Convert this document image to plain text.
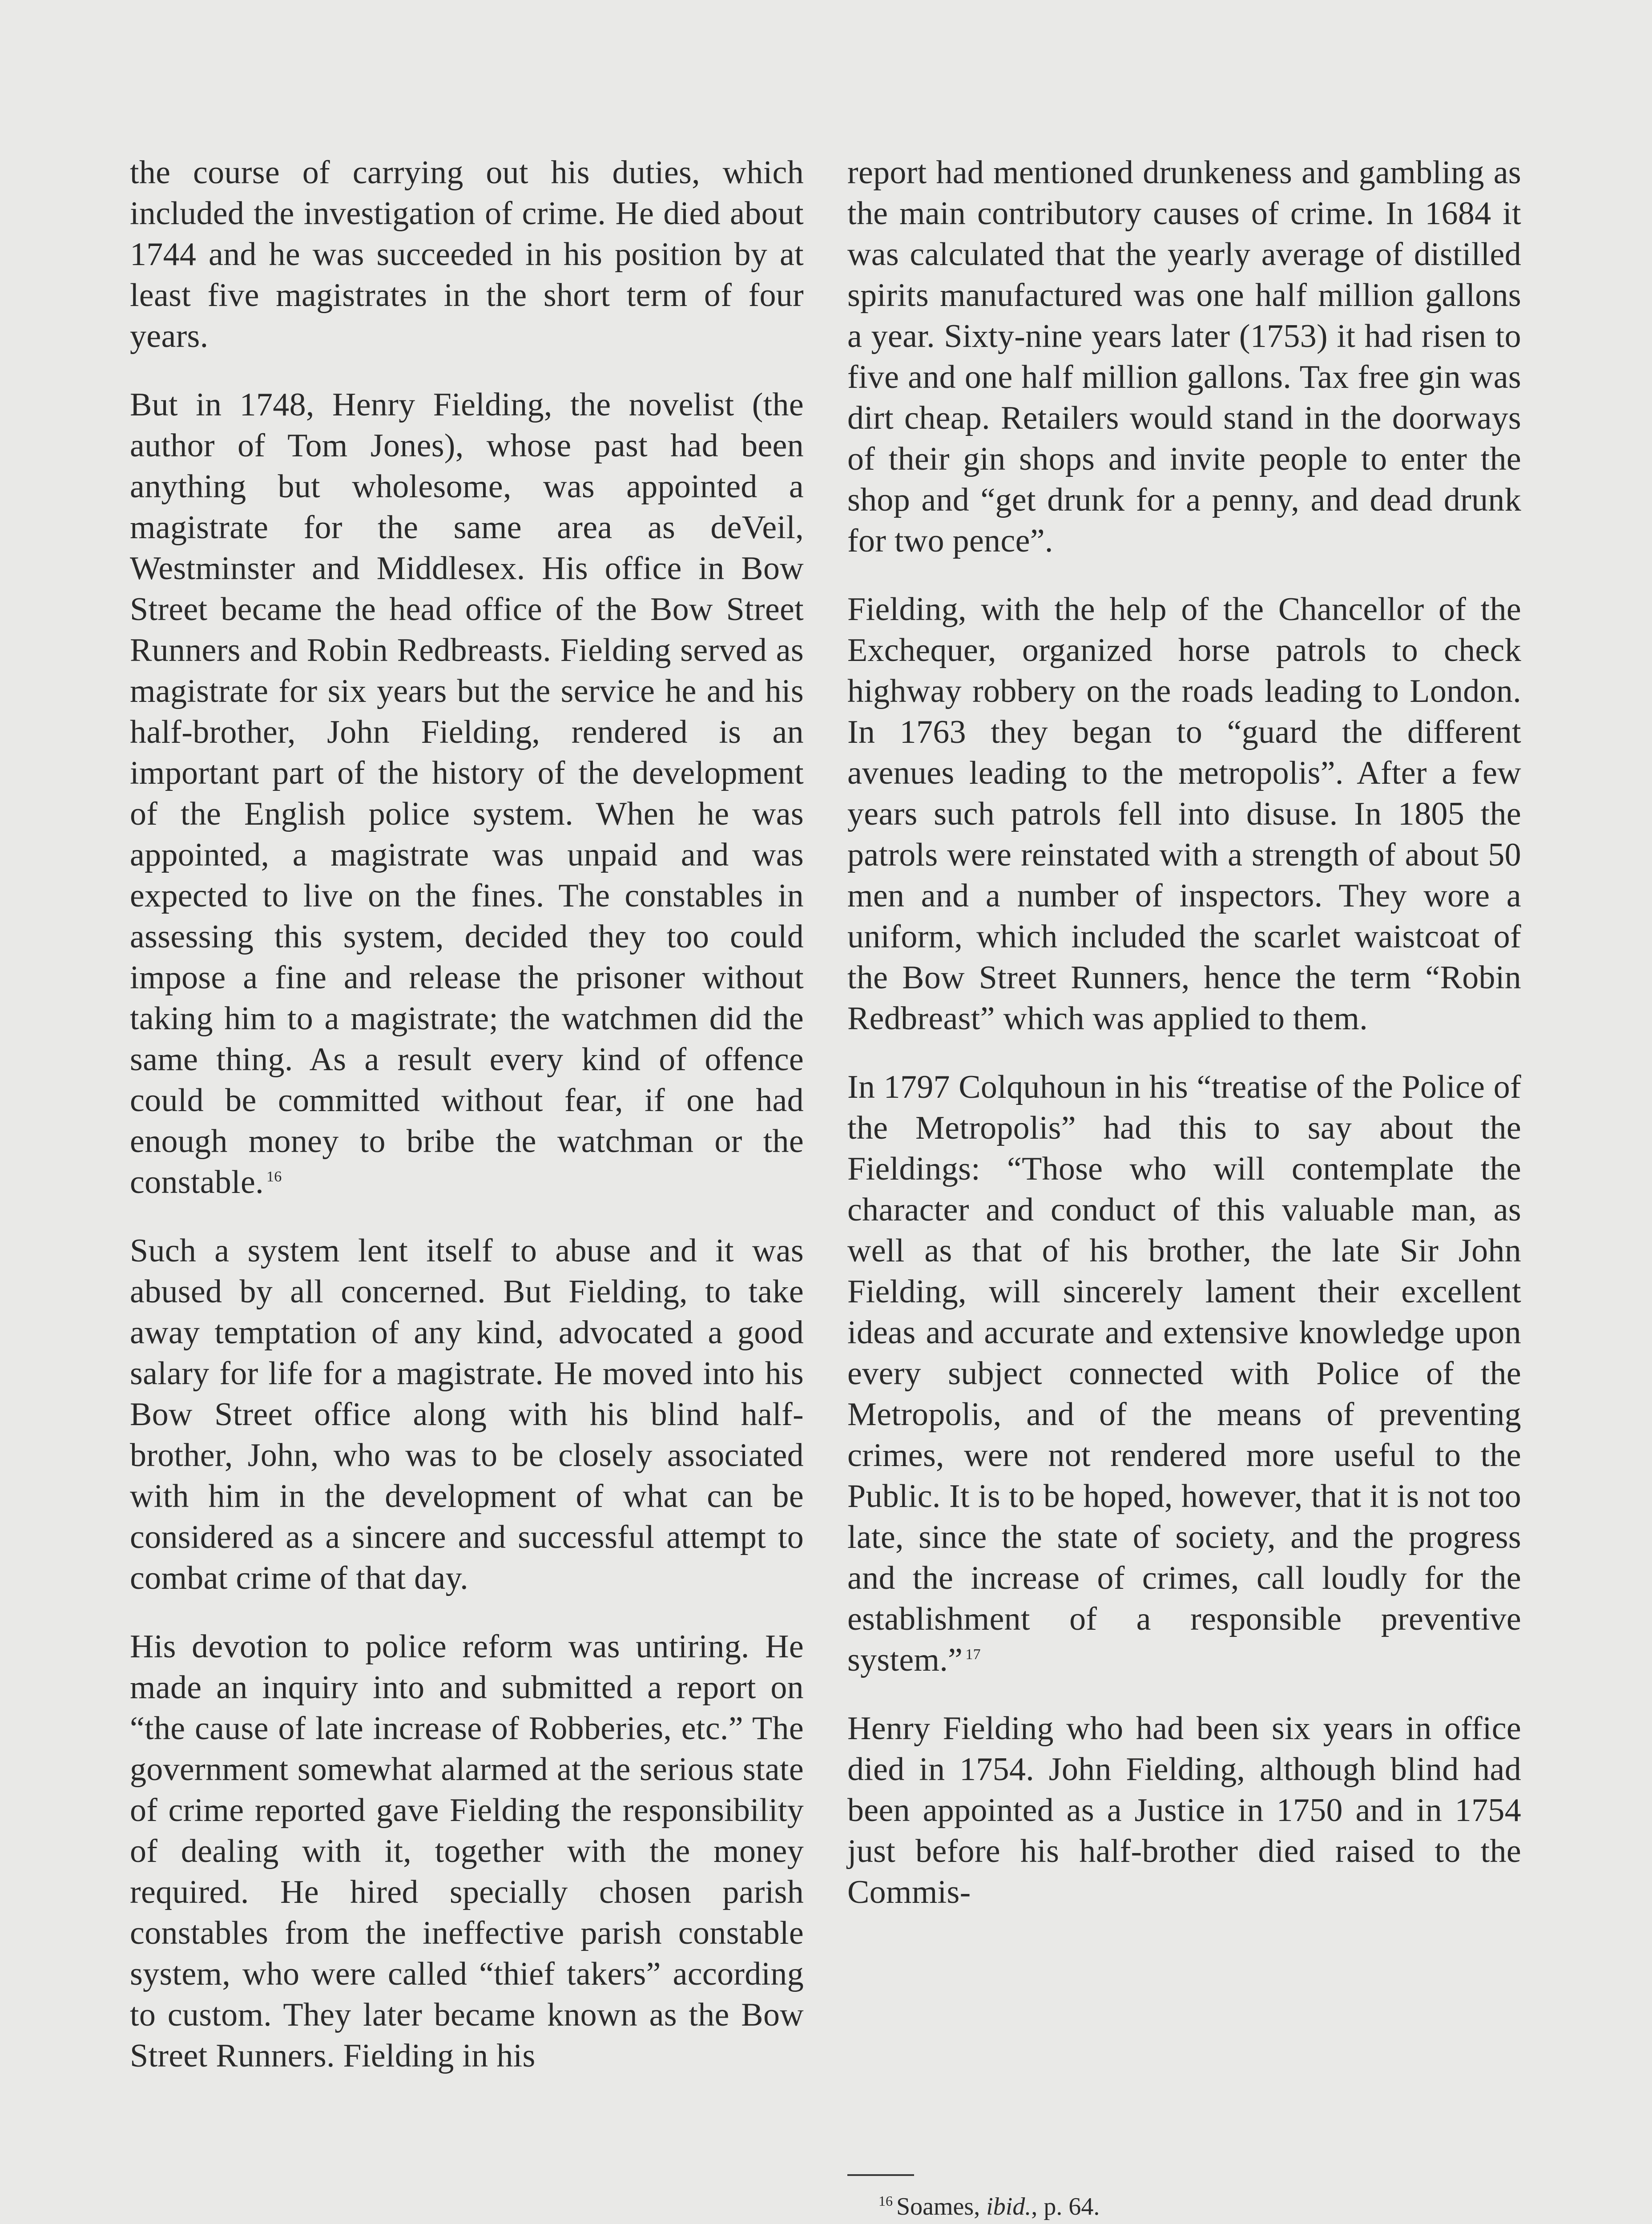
the course of carrying out his duties, which included the investigation of crime. He died about 1744 and he was succeeded in his position by at least five magistrates in the short term of four years.

But in 1748, Henry Fielding, the novelist (the author of Tom Jones), whose past had been anything but wholesome, was appointed a magistrate for the same area as deVeil, Westminster and Middlesex. His office in Bow Street became the head office of the Bow Street Runners and Robin Redbreasts. Fielding served as magistrate for six years but the service he and his half-brother, John Fielding, rendered is an important part of the history of the development of the English police system. When he was appointed, a magistrate was unpaid and was expected to live on the fines. The constables in assessing this system, decided they too could impose a fine and release the prisoner without taking him to a magistrate; the watchmen did the same thing. As a result every kind of offence could be committed without fear, if one had enough money to bribe the watchman or the constable. $^{16}$

Such a system lent itself to abuse and it was abused by all concerned. But Fielding, to take away temptation of any kind, advocated a good salary for life for a magistrate. He moved into his Bow Street office along with his blind half-brother, John, who was to be closely associated with him in the development of what can be considered as a sincere and successful attempt to combat crime of that day.

His devotion to police reform was untiring. He made an inquiry into and submitted a report on “the cause of late increase of Robberies, etc.” The government somewhat alarmed at the serious state of crime reported gave Fielding the responsibility of dealing with it, together with the money required. He hired specially chosen parish constables from the ineffective parish constable system, who were called “thief takers” according to custom. They later became known as the Bow Street Runners. Fielding in his

report had mentioned drunkeness and gambling as the main contributory causes of crime. In 1684 it was calculated that the yearly average of distilled spirits manufactured was one half million gallons a year. Sixty-nine years later (1753) it had risen to five and one half million gallons. Tax free gin was dirt cheap. Retailers would stand in the doorways of their gin shops and invite people to enter the shop and “get drunk for a penny, and dead drunk for two pence”.

Fielding, with the help of the Chancellor of the Exchequer, organized horse patrols to check highway robbery on the roads leading to London. In 1763 they began to “guard the different avenues leading to the metropolis”. After a few years such patrols fell into disuse. In 1805 the patrols were reinstated with a strength of about 50 men and a number of inspectors. They wore a uniform, which included the scarlet waistcoat of the Bow Street Runners, hence the term “Robin Redbreast” which was applied to them.

In 1797 Colquhoun in his “treatise of the Police of the Metropolis” had this to say about the Fieldings: “Those who will contemplate the character and conduct of this valuable man, as well as that of his brother, the late Sir John Fielding, will sincerely lament their excellent ideas and accurate and extensive knowledge upon every subject connected with Police of the Metropolis, and of the means of preventing crimes, were not rendered more useful to the Public. It is to be hoped, however, that it is not too late, since the state of society, and the progress and the increase of crimes, call loudly for the establishment of a responsible preventive system.” $^{17}$

Henry Fielding who had been six years in office died in 1754. John Fielding, although blind had been appointed as a Justice in 1750 and in 1754 just before his half-brother died raised to the Commis-

16 Soames, ibid., p. 64.
